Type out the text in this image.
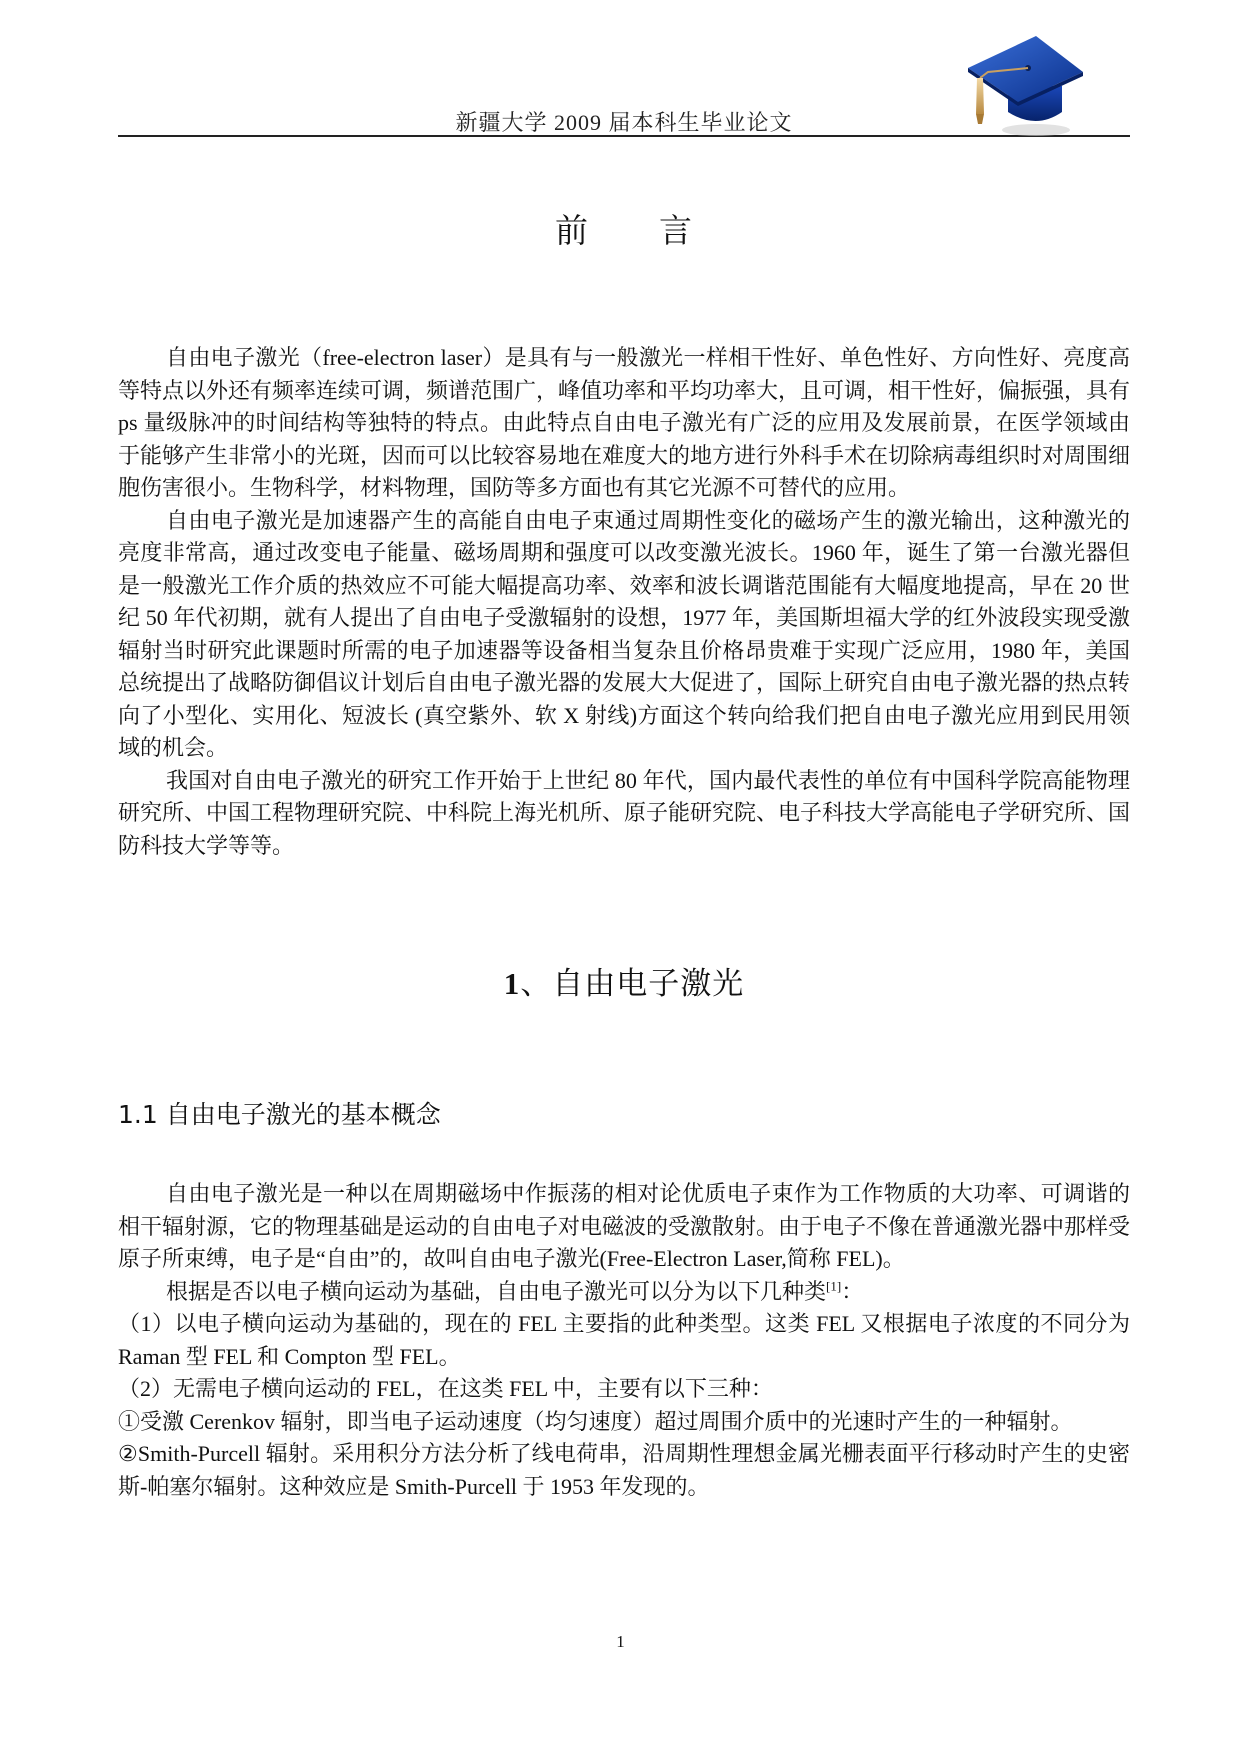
新疆大学 2009 届本科生毕业论文
前 言

自由电子激光（free-electron laser）是具有与一般激光一样相干性好、单色性好、方向性好、亮度高等特点以外还有频率连续可调，频谱范围广，峰值功率和平均功率大，且可调，相干性好，偏振强，具有 ps 量级脉冲的时间结构等独特的特点。由此特点自由电子激光有广泛的应用及发展前景，在医学领域由于能够产生非常小的光斑，因而可以比较容易地在难度大的地方进行外科手术在切除病毒组织时对周围细胞伤害很小。生物科学，材料物理，国防等多方面也有其它光源不可替代的应用。

自由电子激光是加速器产生的高能自由电子束通过周期性变化的磁场产生的激光输出，这种激光的亮度非常高，通过改变电子能量、磁场周期和强度可以改变激光波长。1960 年，诞生了第一台激光器但是一般激光工作介质的热效应不可能大幅提高功率、效率和波长调谐范围能有大幅度地提高，早在 20 世纪 50 年代初期，就有人提出了自由电子受激辐射的设想，1977 年，美国斯坦福大学的红外波段实现受激辐射当时研究此课题时所需的电子加速器等设备相当复杂且价格昂贵难于实现广泛应用，1980 年，美国总统提出了战略防御倡议计划后自由电子激光器的发展大大促进了，国际上研究自由电子激光器的热点转向了小型化、实用化、短波长 (真空紫外、软 X 射线)方面这个转向给我们把自由电子激光应用到民用领域的机会。

我国对自由电子激光的研究工作开始于上世纪 80 年代，国内最代表性的单位有中国科学院高能物理研究所、中国工程物理研究院、中科院上海光机所、原子能研究院、电子科技大学高能电子学研究所、国防科技大学等等。

1、自由电子激光
1.1 自由电子激光的基本概念

自由电子激光是一种以在周期磁场中作振荡的相对论优质电子束作为工作物质的大功率、可调谐的相干辐射源，它的物理基础是运动的自由电子对电磁波的受激散射。由于电子不像在普通激光器中那样受原子所束缚，电子是“自由”的，故叫自由电子激光(Free-Electron Laser,简称 FEL)。

根据是否以电子横向运动为基础，自由电子激光可以分为以下几种类[1]：

（1）以电子横向运动为基础的，现在的 FEL 主要指的此种类型。这类 FEL 又根据电子浓度的不同分为 Raman 型 FEL 和 Compton 型 FEL。

（2）无需电子横向运动的 FEL，在这类 FEL 中，主要有以下三种：

①受激 Cerenkov 辐射，即当电子运动速度（均匀速度）超过周围介质中的光速时产生的一种辐射。

②Smith-Purcell 辐射。采用积分方法分析了线电荷串，沿周期性理想金属光栅表面平行移动时产生的史密斯-帕塞尔辐射。这种效应是 Smith-Purcell 于 1953 年发现的。

1
